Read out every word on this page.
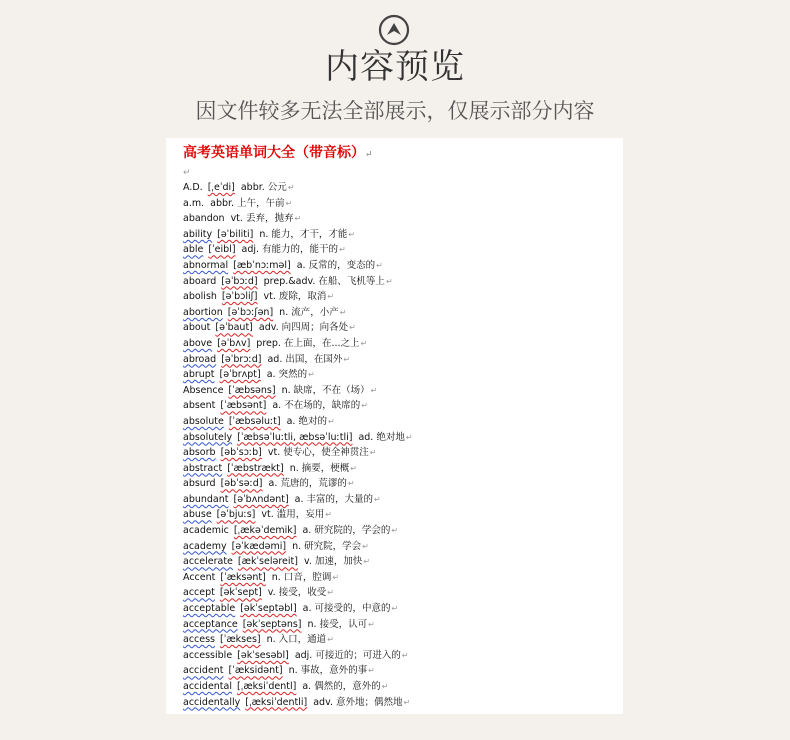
内容预览
因文件较多无法全部展示，仅展示部分内容
高考英语单词大全（带音标）↵
↵
A.D. [ˌeˈdi] abbr. 公元↵
a.m. abbr. 上午，午前↵
abandon vt. 丢弃，抛弃↵
ability [əˈbiliti] n. 能力，才干，才能↵
able [ˈeibl] adj. 有能力的，能干的↵
abnormal [æbˈnɔːməl] a. 反常的，变态的↵
aboard [əˈbɔːd] prep.&adv. 在船、飞机等上↵
abolish [əˈbɔliʃ] vt. 废除，取消↵
abortion [əˈbɔːʃən] n. 流产，小产↵
about [əˈbaut] adv. 向四周；向各处↵
above [əˈbʌv] prep. 在上面，在...之上↵
abroad [əˈbrɔːd] ad. 出国，在国外↵
abrupt [əˈbrʌpt] a. 突然的↵
Absence [ˈæbsəns] n. 缺席，不在（场）↵
absent [ˈæbsənt] a. 不在场的，缺席的↵
absolute [ˈæbsəluːt] a. 绝对的↵
absolutely [ˈæbsəˈluːtli, æbsəˈluːtli] ad. 绝对地↵
absorb [əbˈsɔːb] vt. 使专心，使全神贯注↵
abstract [ˈæbstrækt] n. 摘要，梗概↵
absurd [əbˈsəːd] a. 荒唐的，荒谬的↵
abundant [əˈbʌndənt] a. 丰富的，大量的↵
abuse [əˈbjuːs] vt. 滥用，妄用↵
academic [ˌækəˈdemik] a. 研究院的，学会的↵
academy [əˈkædəmi] n. 研究院，学会↵
accelerate [ækˈseləreit] v. 加速，加快↵
Accent [ˈæksənt] n. 口音，腔调↵
accept [əkˈsept] v. 接受，收受↵
acceptable [əkˈseptəbl] a. 可接受的，中意的↵
acceptance [əkˈseptəns] n. 接受，认可↵
access [ˈækses] n. 入口，通道↵
accessible [əkˈsesəbl] adj. 可接近的；可进入的↵
accident [ˈæksidənt] n. 事故，意外的事↵
accidental [ˌæksiˈdentl] a. 偶然的，意外的↵
accidentally [ˌæksiˈdentli] adv. 意外地；偶然地↵
